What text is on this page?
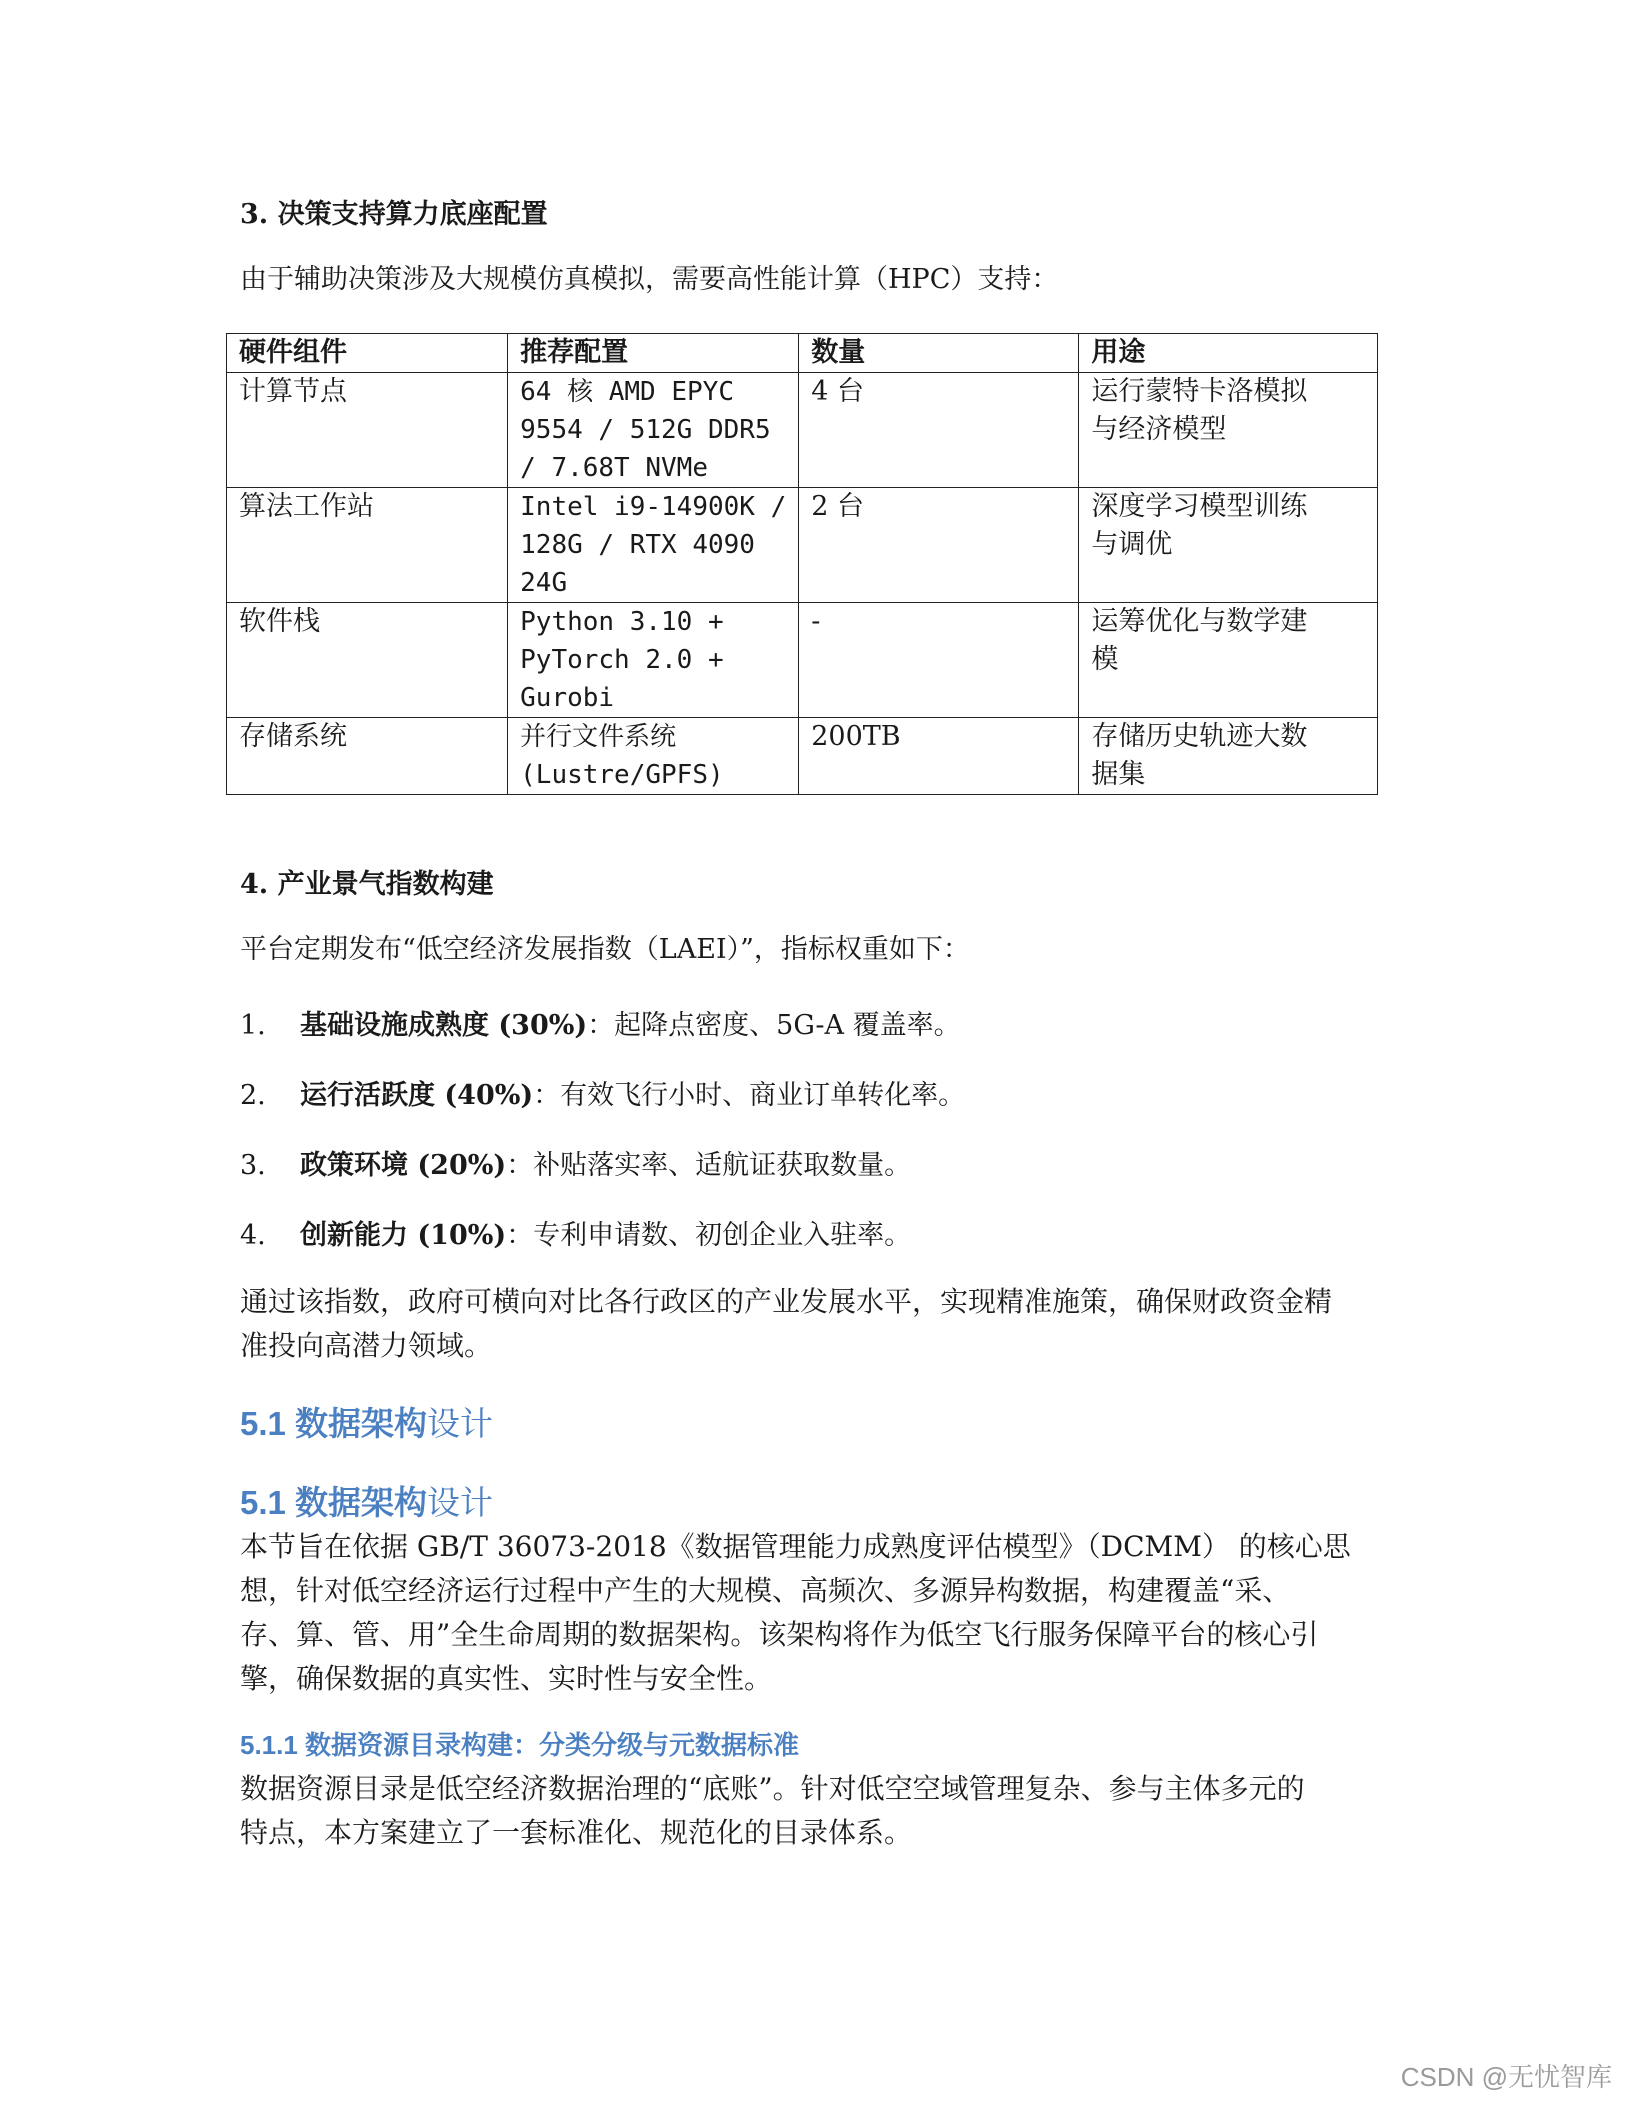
3. 决策支持算力底座配置
由于辅助决策涉及大规模仿真模拟，需要高性能计算（HPC）支持：
硬件组件	推荐配置	数量	用途

计算节点	64 核 AMD EPYC
9554 / 512G DDR5
/ 7.68T NVMe	4 台	运行蒙特卡洛模拟
与经济模型

算法工作站	Intel i9-14900K /
128G / RTX 4090
24G	2 台	深度学习模型训练
与调优

软件栈	Python 3.10 +
PyTorch 2.0 +
Gurobi	-	运筹优化与数学建
模

存储系统	并行文件系统
(Lustre/GPFS)	200TB	存储历史轨迹大数
据集
4. 产业景气指数构建
平台定期发布“低空经济发展指数（LAEI）”，指标权重如下：
1. 基础设施成熟度 (30%)：起降点密度、5G-A 覆盖率。
2. 运行活跃度 (40%)：有效飞行小时、商业订单转化率。
3. 政策环境 (20%)：补贴落实率、适航证获取数量。
4. 创新能力 (10%)：专利申请数、初创企业入驻率。
通过该指数，政府可横向对比各行政区的产业发展水平，实现精准施策，确保财政资金精
准投向高潜力领域。
5.1 数据架构设计
5.1 数据架构设计
本节旨在依据 GB/T 36073-2018《数据管理能力成熟度评估模型》（DCMM） 的核心思
想，针对低空经济运行过程中产生的大规模、高频次、多源异构数据，构建覆盖“采、
存、算、管、用”全生命周期的数据架构。该架构将作为低空飞行服务保障平台的核心引
擎，确保数据的真实性、实时性与安全性。
5.1.1 数据资源目录构建：分类分级与元数据标准
数据资源目录是低空经济数据治理的“底账”。针对低空空域管理复杂、参与主体多元的
特点，本方案建立了一套标准化、规范化的目录体系。
CSDN @无忧智库
